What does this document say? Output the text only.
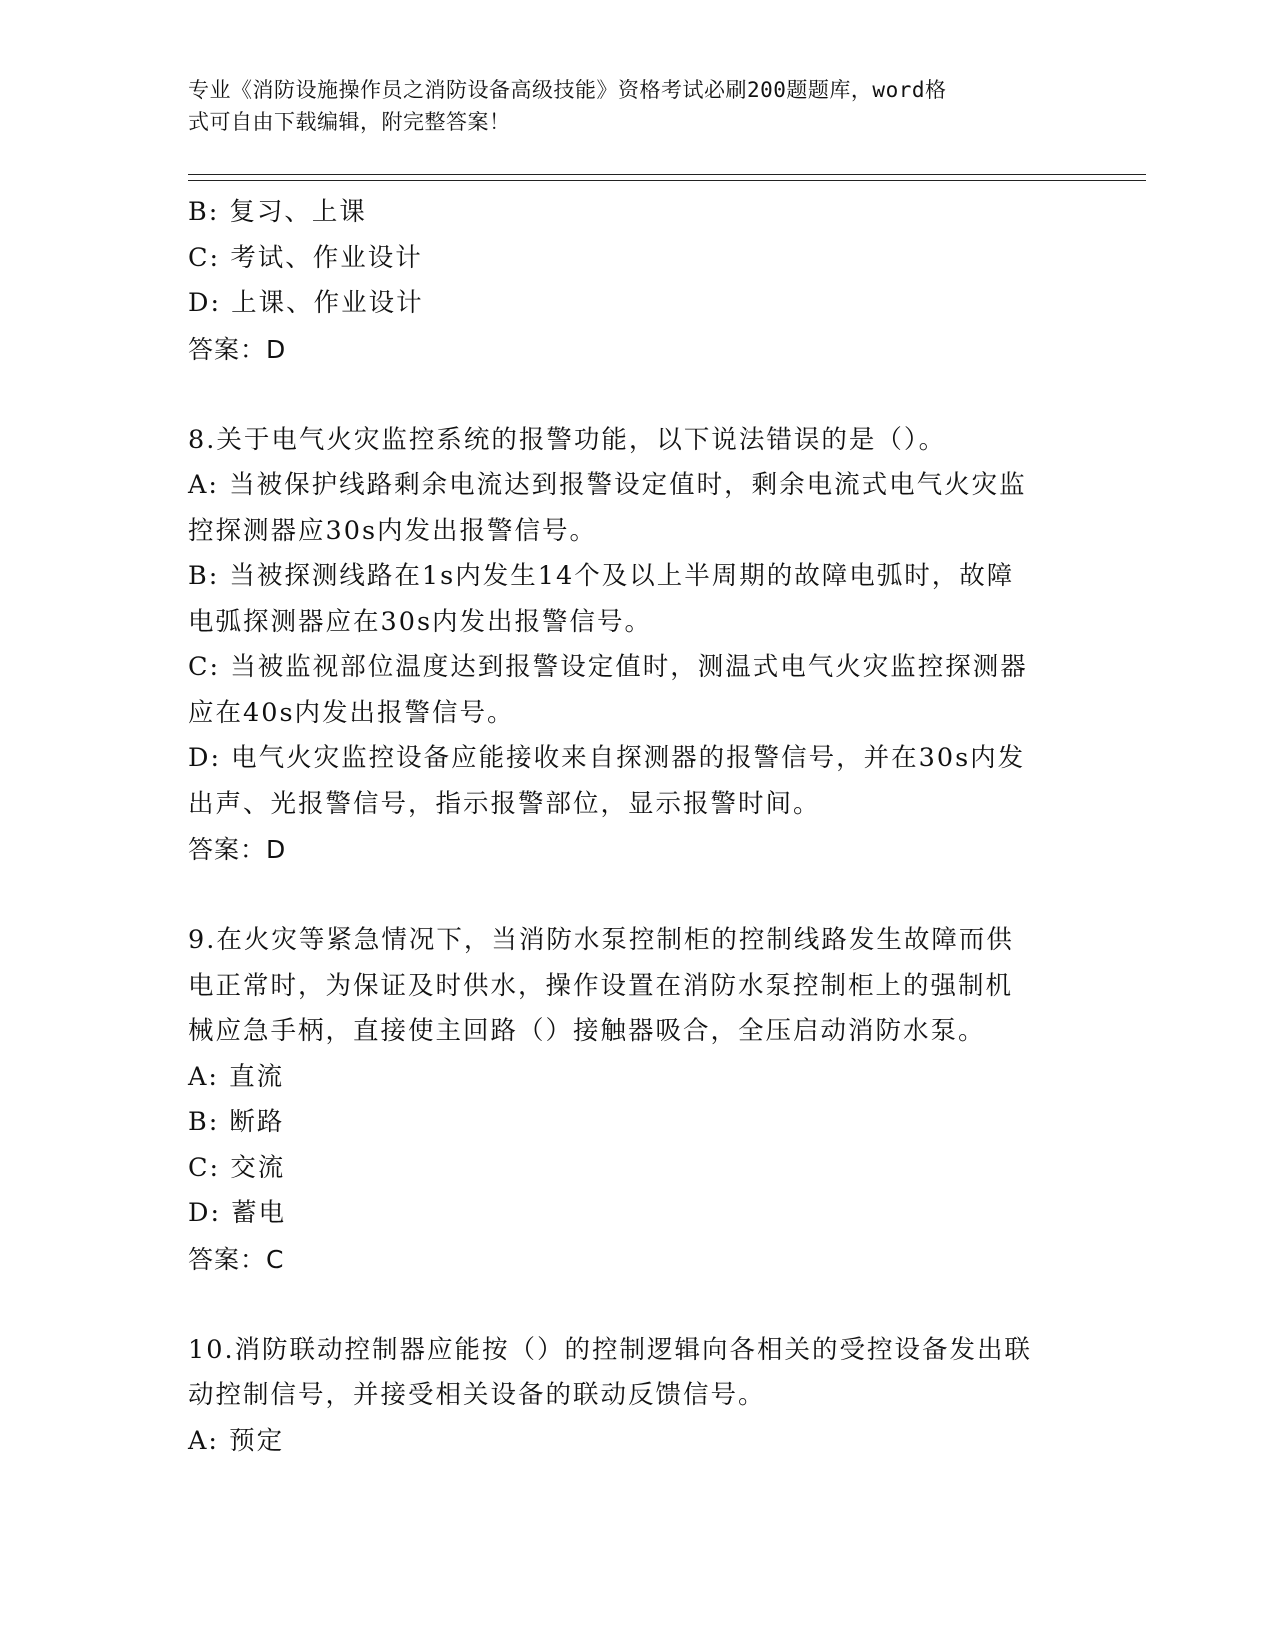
专业《消防设施操作员之消防设备高级技能》资格考试必刷200题题库，word格
式可自由下载编辑，附完整答案！

B: 复习、上课

C: 考试、作业设计

D: 上课、作业设计

答案：D

8.关于电气火灾监控系统的报警功能，以下说法错误的是（）。

A: 当被保护线路剩余电流达到报警设定值时，剩余电流式电气火灾监

控探测器应30s内发出报警信号。

B: 当被探测线路在1s内发生14个及以上半周期的故障电弧时，故障

电弧探测器应在30s内发出报警信号。

C: 当被监视部位温度达到报警设定值时，测温式电气火灾监控探测器

应在40s内发出报警信号。

D: 电气火灾监控设备应能接收来自探测器的报警信号，并在30s内发

出声、光报警信号，指示报警部位，显示报警时间。

答案：D

9.在火灾等紧急情况下，当消防水泵控制柜的控制线路发生故障而供

电正常时，为保证及时供水，操作设置在消防水泵控制柜上的强制机

械应急手柄，直接使主回路（）接触器吸合，全压启动消防水泵。

A: 直流

B: 断路

C: 交流

D: 蓄电

答案：C

10.消防联动控制器应能按（）的控制逻辑向各相关的受控设备发出联

动控制信号，并接受相关设备的联动反馈信号。

A: 预定
